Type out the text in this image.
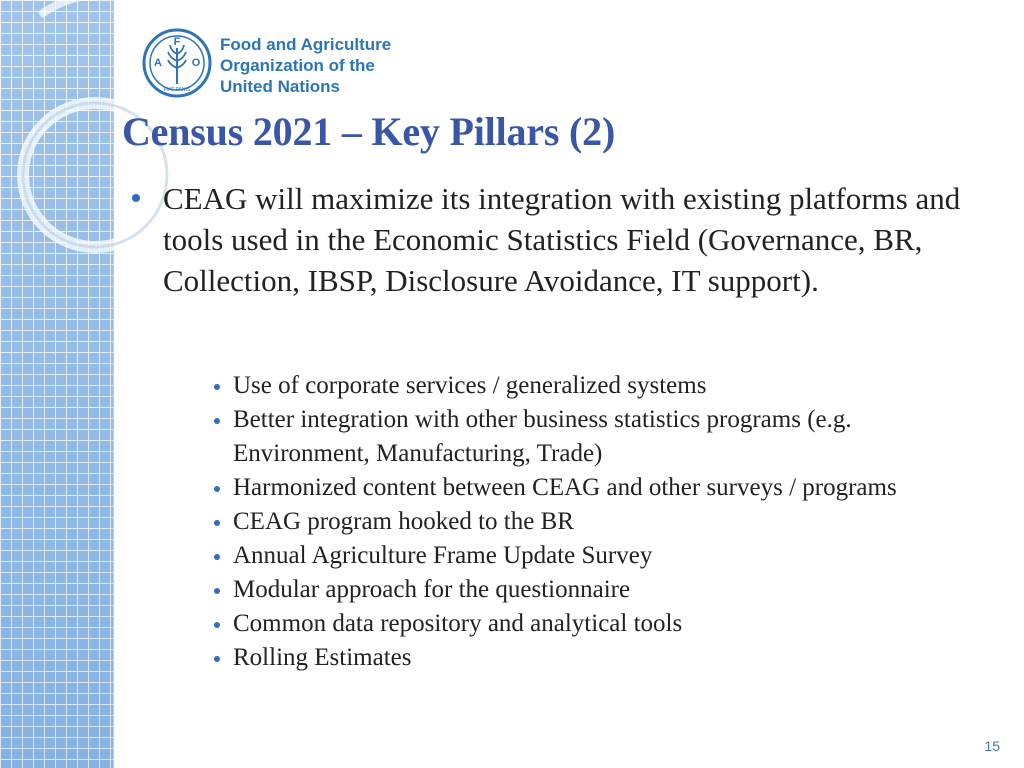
F
A	O
FIAT PANIS
Food and Agriculture
Organization of the
United Nations
Census 2021 – Key Pillars (2)
CEAG will maximize its integration with existing platforms and tools used in the Economic Statistics Field (Governance, BR, Collection, IBSP, Disclosure Avoidance, IT support).
Use of corporate services / generalized systems
Better integration with other business statistics programs (e.g. Environment, Manufacturing, Trade)
Harmonized content between CEAG and other surveys / programs
CEAG program hooked to the BR
Annual Agriculture Frame Update Survey
Modular approach for the questionnaire
Common data repository and analytical tools
Rolling Estimates
15
